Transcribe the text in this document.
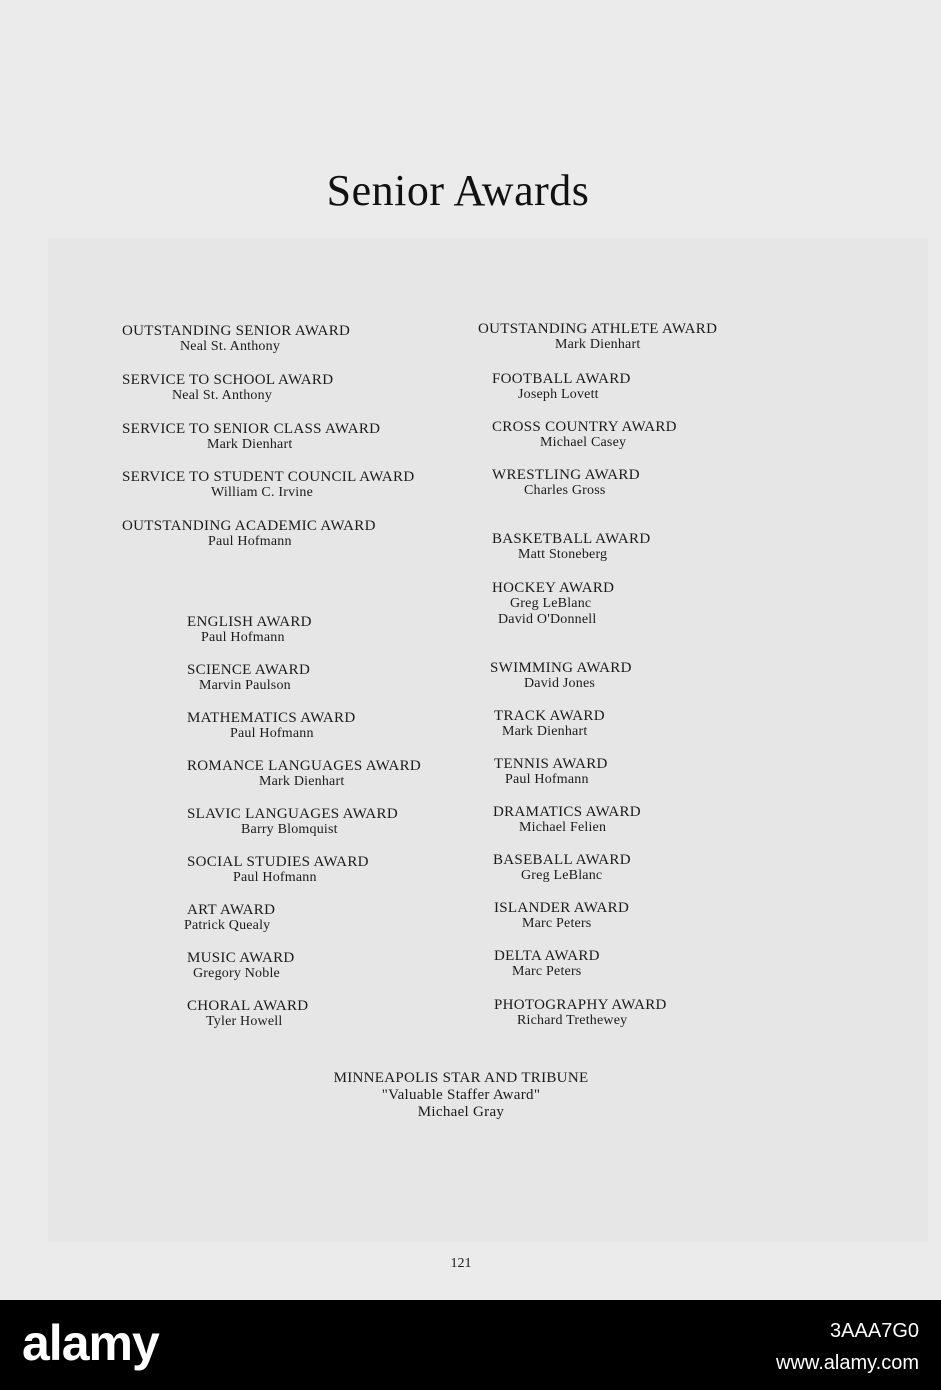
Senior Awards
OUTSTANDING SENIOR AWARD
Neal St. Anthony
SERVICE TO SCHOOL AWARD
Neal St. Anthony
SERVICE TO SENIOR CLASS AWARD
Mark Dienhart
SERVICE TO STUDENT COUNCIL AWARD
William C. Irvine
OUTSTANDING ACADEMIC AWARD
Paul Hofmann
ENGLISH AWARD
Paul Hofmann
SCIENCE AWARD
Marvin Paulson
MATHEMATICS AWARD
Paul Hofmann
ROMANCE LANGUAGES AWARD
Mark Dienhart
SLAVIC LANGUAGES AWARD
Barry Blomquist
SOCIAL STUDIES AWARD
Paul Hofmann
ART AWARD
Patrick Quealy
MUSIC AWARD
Gregory Noble
CHORAL AWARD
Tyler Howell
OUTSTANDING ATHLETE AWARD
Mark Dienhart
FOOTBALL AWARD
Joseph Lovett
CROSS COUNTRY AWARD
Michael Casey
WRESTLING AWARD
Charles Gross
BASKETBALL AWARD
Matt Stoneberg
HOCKEY AWARD
Greg LeBlanc
David O'Donnell
SWIMMING AWARD
David Jones
TRACK AWARD
Mark Dienhart
TENNIS AWARD
Paul Hofmann
DRAMATICS AWARD
Michael Felien
BASEBALL AWARD
Greg LeBlanc
ISLANDER AWARD
Marc Peters
DELTA AWARD
Marc Peters
PHOTOGRAPHY AWARD
Richard Trethewey
MINNEAPOLIS STAR AND TRIBUNE
"Valuable Staffer Award"
Michael Gray
121
alamy	3AAA7G0
www.alamy.com
